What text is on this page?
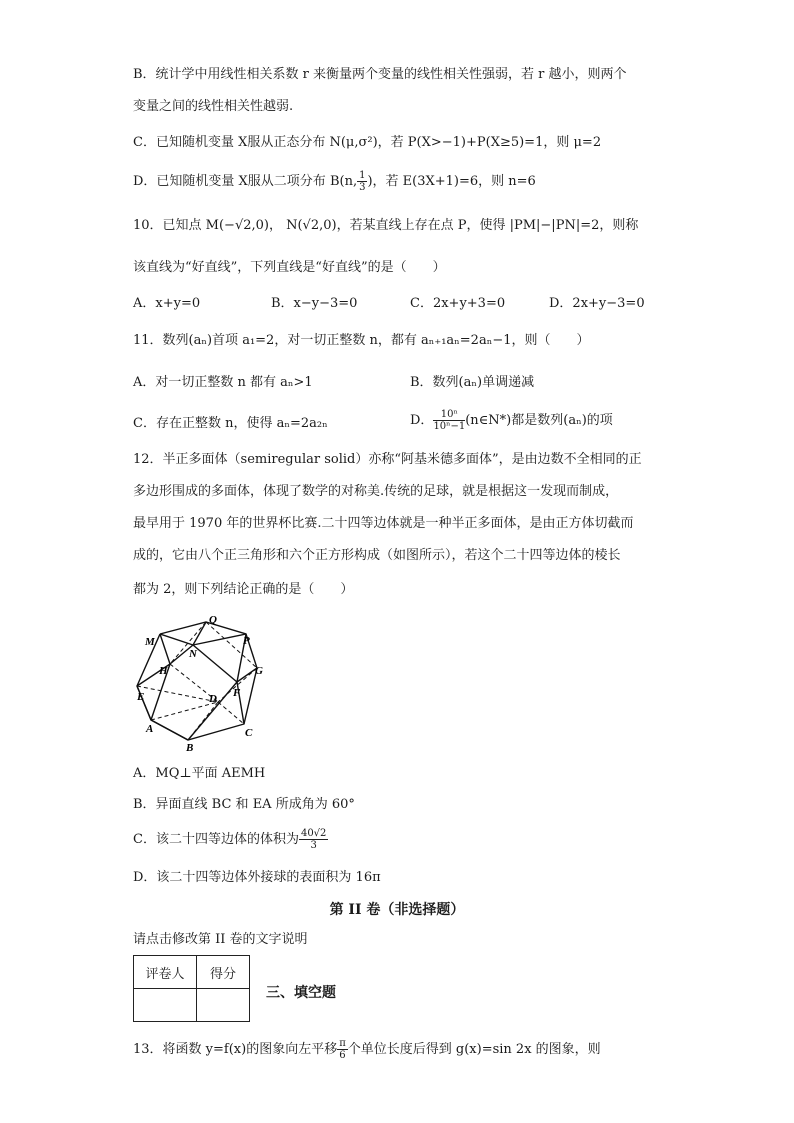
B．统计学中用线性相关系数 r 来衡量两个变量的线性相关性强弱，若 r 越小，则两个
变量之间的线性相关性越弱.
C．已知随机变量 X服从正态分布 N(μ,σ²)，若 P(X>−1)+P(X≥5)=1，则 μ=2
D．已知随机变量 X服从二项分布 B(n, $\frac{1}{3}$ )，若 E(3X+1)=6，则 n=6
10．已知点 M(−√2,0)， N(√2,0)，若某直线上存在点 P，使得 |PM|−|PN|=2，则称
该直线为“好直线”，下列直线是“好直线”的是（　　）
A．x+y=0	B．x−y−3=0	C．2x+y+3=0	D．2x+y−3=0
11．数列(aₙ)首项 a₁=2，对一切正整数 n，都有 aₙ₊₁aₙ=2aₙ−1，则（　　）
A．对一切正整数 n 都有 aₙ>1	B．数列(aₙ)单调递减
C．存在正整数 n，使得 aₙ=2a₂ₙ	D． $\frac{\text{10ⁿ}}{\text{10ⁿ−1}}$ (n∈N*)都是数列(aₙ)的项
12．半正多面体（semiregular solid）亦称“阿基米德多面体”，是由边数不全相同的正
多边形围成的多面体，体现了数学的对称美.传统的足球，就是根据这一发现而制成，
最早用于 1970 年的世界杯比赛.二十四等边体就是一种半正多面体，是由正方体切截而
成的，它由八个正三角形和六个正方形构成（如图所示），若这个二十四等边体的棱长
都为 2，则下列结论正确的是（　　）
M
Q
P
N
G
H
E	D F
A
B
C
A．MQ⊥平面 AEMH
B．异面直线 BC 和 EA 所成角为 60°
C．该二十四等边体的体积为 $\frac{40√2}{3}$
D．该二十四等边体外接球的表面积为 16π
第 II 卷（非选择题）
请点击修改第 II 卷的文字说明
评卷人	得分

三、填空题
13．将函数 y=f(x)的图象向左平移 $\frac{\pi}{6}$ 个单位长度后得到 g(x)=sin 2x 的图象，则
